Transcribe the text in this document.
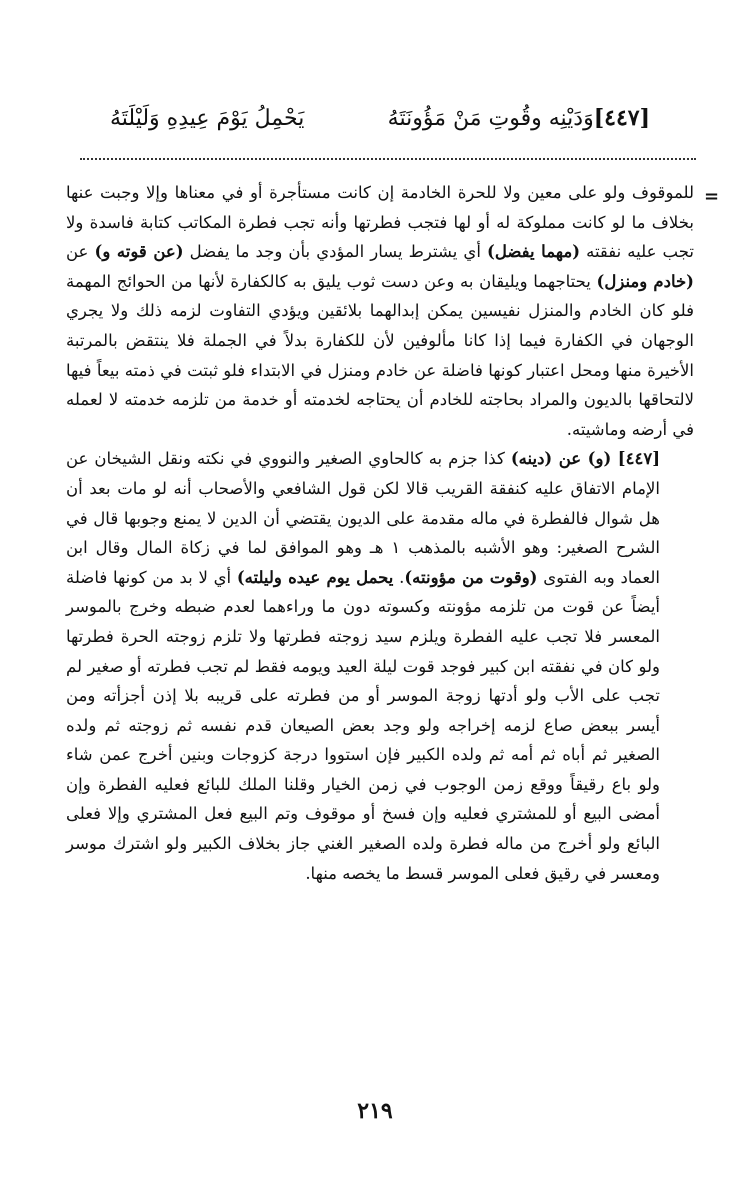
[٤٤٧]
وَدَيْنِه وقُوتِ مَنْ مَؤُونَتَهُ
يَحْمِلُ يَوْمَ عِيدِهِ وَلَيْلَتَهُ
=

للموقوف ولو على معين ولا للحرة الخادمة إن كانت مستأجرة أو في معناها وإلا وجبت عنها بخلاف ما لو كانت مملوكة له أو لها فتجب فطرتها وأنه تجب فطرة المكاتب كتابة فاسدة ولا تجب عليه نفقته (مهما يفضل) أي يشترط يسار المؤدي بأن وجد ما يفضل (عن قوته و) عن (خادم ومنزل) يحتاجهما ويليقان به وعن دست ثوب يليق به كالكفارة لأنها من الحوائج المهمة فلو كان الخادم والمنزل نفيسين يمكن إبدالهما بلائقين ويؤدي التفاوت لزمه ذلك ولا يجري الوجهان في الكفارة فيما إذا كانا مألوفين لأن للكفارة بدلاً في الجملة فلا ينتقض بالمرتبة الأخيرة منها ومحل اعتبار كونها فاضلة عن خادم ومنزل في الابتداء فلو ثبتت في ذمته بيعاً فيها لالتحاقها بالديون والمراد بحاجته للخادم أن يحتاجه لخدمته أو خدمة من تلزمه خدمته لا لعمله في أرضه وماشيته.

[٤٤٧] (و) عن (دينه) كذا جزم به كالحاوي الصغير والنووي في نكته ونقل الشيخان عن الإمام الاتفاق عليه كنفقة القريب قالا لكن قول الشافعي والأصحاب أنه لو مات بعد أن هل شوال فالفطرة في ماله مقدمة على الديون يقتضي أن الدين لا يمنع وجوبها قال في الشرح الصغير: وهو الأشبه بالمذهب ١ هـ وهو الموافق لما في زكاة المال وقال ابن العماد وبه الفتوى (وقوت من مؤونته). يحمل يوم عيده وليلته) أي لا بد من كونها فاضلة أيضاً عن قوت من تلزمه مؤونته وكسوته دون ما وراءهما لعدم ضبطه وخرج بالموسر المعسر فلا تجب عليه الفطرة ويلزم سيد زوجته فطرتها ولا تلزم زوجته الحرة فطرتها ولو كان في نفقته ابن كبير فوجد قوت ليلة العيد ويومه فقط لم تجب فطرته أو صغير لم تجب على الأب ولو أدتها زوجة الموسر أو من فطرته على قريبه بلا إذن أجزأته ومن أيسر ببعض صاع لزمه إخراجه ولو وجد بعض الصيعان قدم نفسه ثم زوجته ثم ولده الصغير ثم أباه ثم أمه ثم ولده الكبير فإن استووا درجة كزوجات وبنين أخرج عمن شاء ولو باع رقيقاً ووقع زمن الوجوب في زمن الخيار وقلنا الملك للبائع فعليه الفطرة وإن أمضى البيع أو للمشتري فعليه وإن فسخ أو موقوف وتم البيع فعل المشتري وإلا فعلى البائع ولو أخرج من ماله فطرة ولده الصغير الغني جاز بخلاف الكبير ولو اشترك موسر ومعسر في رقيق فعلى الموسر قسط ما يخصه منها.

٢١٩
